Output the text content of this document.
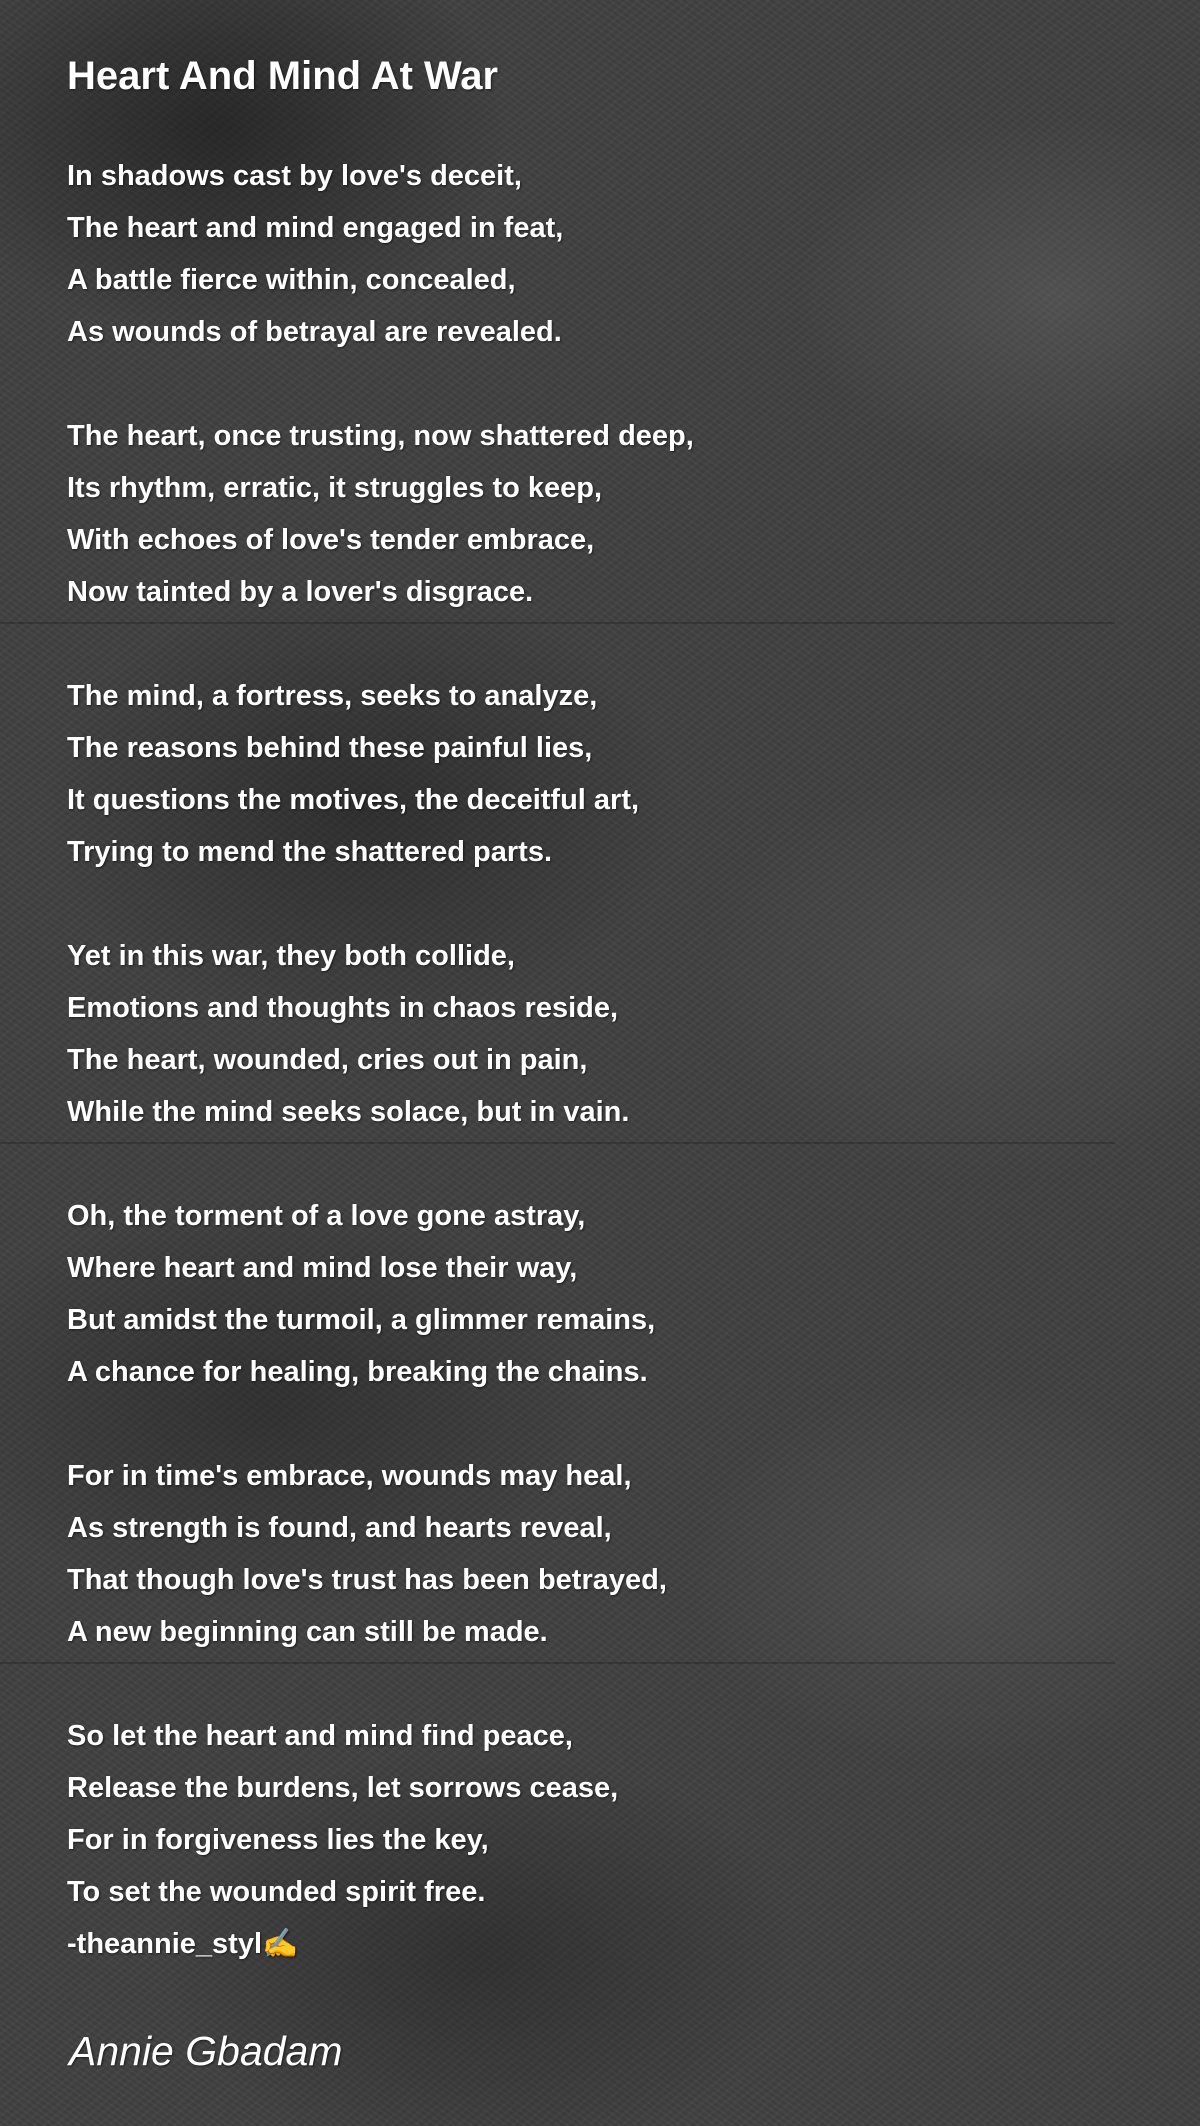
Heart And Mind At War
In shadows cast by love's deceit,
The heart and mind engaged in feat,
A battle fierce within, concealed,
As wounds of betrayal are revealed.
The heart, once trusting, now shattered deep,
Its rhythm, erratic, it struggles to keep,
With echoes of love's tender embrace,
Now tainted by a lover's disgrace.
The mind, a fortress, seeks to analyze,
The reasons behind these painful lies,
It questions the motives, the deceitful art,
Trying to mend the shattered parts.
Yet in this war, they both collide,
Emotions and thoughts in chaos reside,
The heart, wounded, cries out in pain,
While the mind seeks solace, but in vain.
Oh, the torment of a love gone astray,
Where heart and mind lose their way,
But amidst the turmoil, a glimmer remains,
A chance for healing, breaking the chains.
For in time's embrace, wounds may heal,
As strength is found, and hearts reveal,
That though love's trust has been betrayed,
A new beginning can still be made.
So let the heart and mind find peace,
Release the burdens, let sorrows cease,
For in forgiveness lies the key,
To set the wounded spirit free.
-theannie_styl✍️

Annie Gbadam
